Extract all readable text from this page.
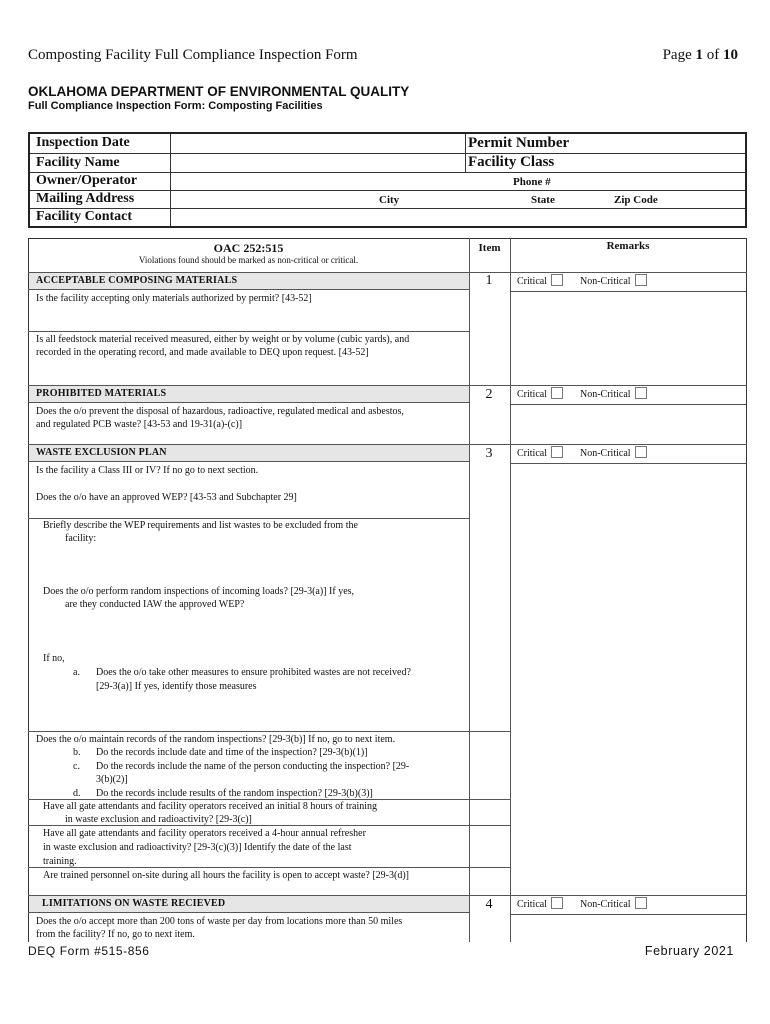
Composting Facility Full Compliance Inspection Form	Page 1 of 10
OKLAHOMA DEPARTMENT OF ENVIRONMENTAL QUALITY
Full Compliance Inspection Form: Composting Facilities
Inspection Date
Facility Name
Owner/Operator
Mailing Address
Facility Contact
Permit Number
Facility Class
Phone #
City	State	Zip Code
OAC 252:515
Violations found should be marked as non-critical or critical.
Item	Remarks
ACCEPTABLE COMPOSING MATERIALS	1	Critical	Non-Critical
Is the facility accepting only materials authorized by permit? [43-52]
Is all feedstock material received measured, either by weight or by volume (cubic yards), and
recorded in the operating record, and made available to DEQ upon request. [43-52]
PROHIBITED MATERIALS	2	Critical	Non-Critical
Does the o/o prevent the disposal of hazardous, radioactive, regulated medical and asbestos,
and regulated PCB waste? [43-53 and 19-31(a)-(c)]
WASTE EXCLUSION PLAN	3	Critical	Non-Critical
Is the facility a Class III or IV? If no go to next section.
Does the o/o have an approved WEP? [43-53 and Subchapter 29]
Briefly describe the WEP requirements and list wastes to be excluded from the
facility:
Does the o/o perform random inspections of incoming loads? [29-3(a)] If yes,
are they conducted IAW the approved WEP?
If no,
a. Does the o/o take other measures to ensure prohibited wastes are not received?
[29-3(a)] If yes, identify those measures
Does the o/o maintain records of the random inspections? [29-3(b)] If no, go to next item.
b. Do the records include date and time of the inspection? [29-3(b)(1)]
c. Do the records include the name of the person conducting the inspection? [29-
3(b)(2)]
d. Do the records include results of the random inspection? [29-3(b)(3)]
Have all gate attendants and facility operators received an initial 8 hours of training
in waste exclusion and radioactivity? [29-3(c)]
Have all gate attendants and facility operators received a 4-hour annual refresher
in waste exclusion and radioactivity? [29-3(c)(3)] Identify the date of the last
training.
Are trained personnel on-site during all hours the facility is open to accept waste? [29-3(d)]
LIMITATIONS ON WASTE RECIEVED	4	Critical	Non-Critical
Does the o/o accept more than 200 tons of waste per day from locations more than 50 miles
from the facility? If no, go to next item.
DEQ Form #515-856	February 2021
